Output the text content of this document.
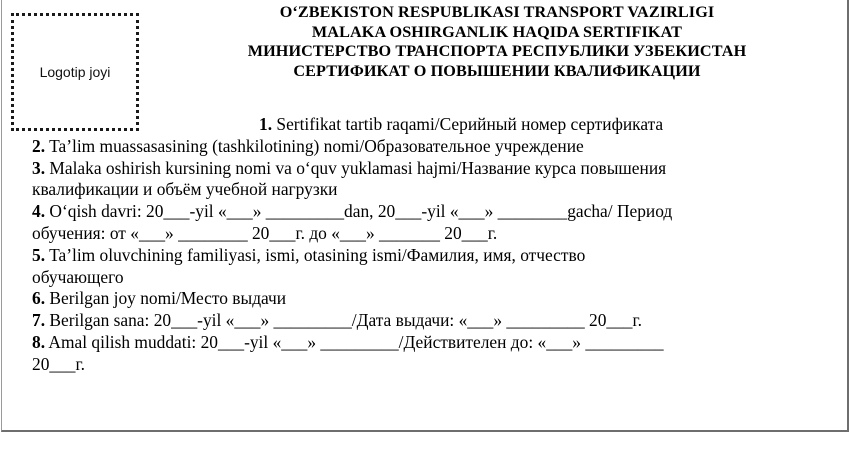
Logotip joyi
O‘ZBEKISTON RESPUBLIKASI TRANSPORT VAZIRLIGI
MALAKA OSHIRGANLIK HAQIDA SERTIFIKAT
МИНИСТЕРСТВО ТРАНСПОРТА РЕСПУБЛИКИ УЗБЕКИСТАН
СЕРТИФИКАТ О ПОВЫШЕНИИ КВАЛИФИКАЦИИ
1. Sertifikat tartib raqami/Серийный номер сертификата
2. Ta’lim muassasasining (tashkilotining) nomi/Образовательное учреждение
3. Malaka oshirish kursining nomi va o‘quv yuklamasi hajmi/Название курса повышения
квалификации и объём учебной нагрузки
4. O‘qish davri: 20___-yil «___» _________dan, 20___-yil «___» ________gacha/ Период
обучения: от «___» ________ 20___г. до «___» _______ 20___г.
5. Ta’lim oluvchining familiyasi, ismi, otasining ismi/Фамилия, имя, отчество
обучающего
6. Berilgan joy nomi/Место выдачи
7. Berilgan sana: 20___-yil «___» _________/Дата выдачи: «___» _________ 20___г.
8. Amal qilish muddati: 20___-yil «___» _________/Действителен до: «___» _________
20___г.
